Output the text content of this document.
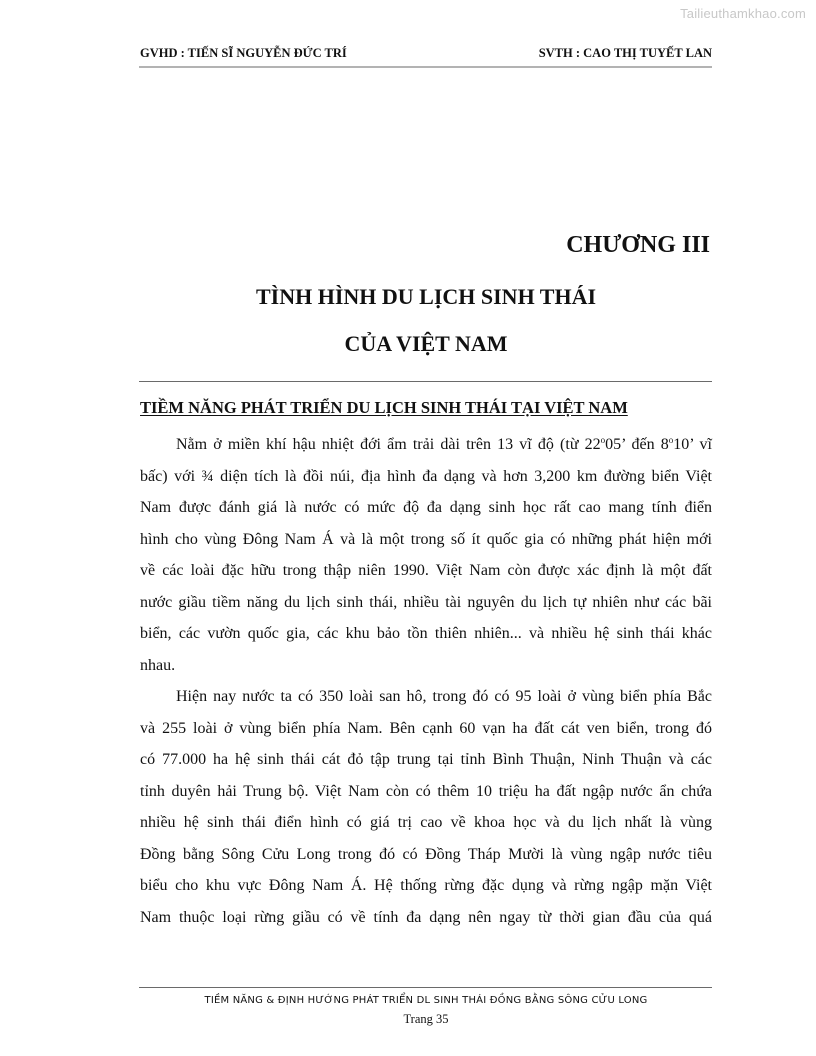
Tailieuthamkhao.com
GVHD : TIẾN SĨ NGUYỄN ĐỨC TRÍ	SVTH : CAO THỊ TUYẾT LAN
CHƯƠNG III
TÌNH HÌNH DU LỊCH SINH THÁI
CỦA VIỆT NAM
TIỀM NĂNG PHÁT TRIỂN DU LỊCH SINH THÁI TẠI VIỆT NAM
Nằm ở miền khí hậu nhiệt đới ẩm trải dài trên 13 vĩ độ (từ 22$^o$05’ đến 8$^o$10’ vĩ
bấc) với ¾ diện tích là đồi núi, địa hình đa dạng và hơn 3,200 km đường biển Việt
Nam được đánh giá là nước có mức độ đa dạng sinh học rất cao mang tính điển
hình cho vùng Đông Nam Á và là một trong số ít quốc gia có những phát hiện mới
về các loài đặc hữu trong thập niên 1990. Việt Nam còn được xác định là một đất
nước giầu tiềm năng du lịch sinh thái, nhiều tài nguyên du lịch tự nhiên như các bãi
biển, các vườn quốc gia, các khu bảo tồn thiên nhiên... và nhiều hệ sinh thái khác
nhau.
Hiện nay nước ta có 350 loài san hô, trong đó có 95 loài ở vùng biển phía Bắc
và 255 loài ở vùng biển phía Nam. Bên cạnh 60 vạn ha đất cát ven biển, trong đó
có 77.000 ha hệ sinh thái cát đỏ tập trung tại tỉnh Bình Thuận, Ninh Thuận và các
tỉnh duyên hải Trung bộ. Việt Nam còn có thêm 10 triệu ha đất ngập nước ẩn chứa
nhiều hệ sinh thái điển hình có giá trị cao về khoa học và du lịch nhất là vùng
Đồng bằng Sông Cửu Long trong đó có Đồng Tháp Mười là vùng ngập nước tiêu
biểu cho khu vực Đông Nam Á. Hệ thống rừng đặc dụng và rừng ngập mặn Việt
Nam thuộc loại rừng giầu có về tính đa dạng nên ngay từ thời gian đầu của quá
TIỀM NĂNG & ĐỊNH HƯỚNG PHÁT TRIỂN DL SINH THÁI ĐỒNG BẰNG SÔNG CỬU LONG
Trang 35
